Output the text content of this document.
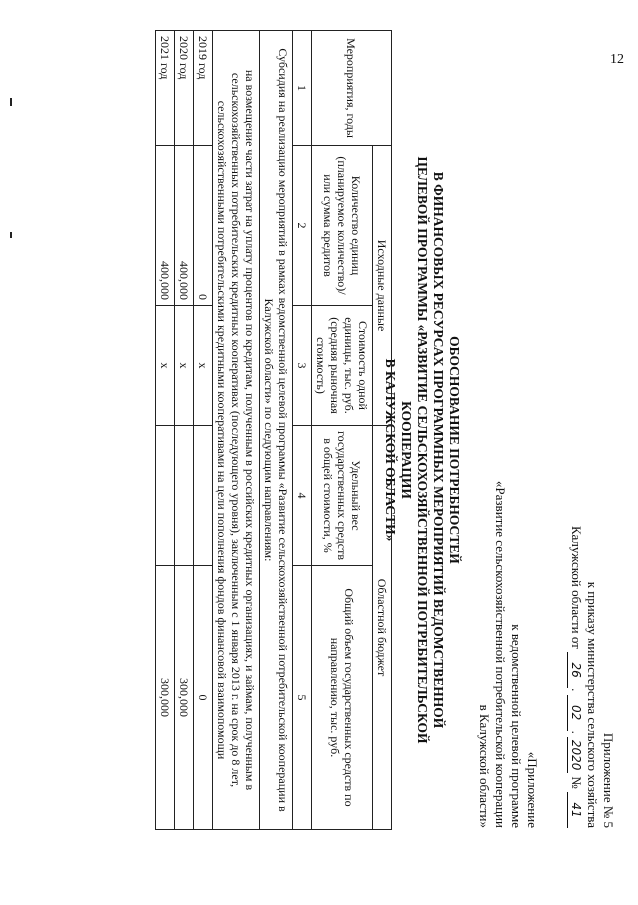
12
Приложение № 5
к приказу министерства сельского хозяйства
Калужской области от 26. 02. 2020 № 41
«Приложение
к ведомственной целевой программе
«Развитие сельскохозяйственной потребительской кооперации
в Калужской области»
ОБОСНОВАНИЕ ПОТРЕБНОСТЕЙ
В ФИНАНСОВЫХ РЕСУРСАХ ПРОГРАММНЫХ МЕРОПРИЯТИЙ ВЕДОМСТВЕННОЙ
ЦЕЛЕВОЙ ПРОГРАММЫ «РАЗВИТИЕ СЕЛЬСКОХОЗЯЙСТВЕННОЙ ПОТРЕБИТЕЛЬСКОЙ КООПЕРАЦИИ
В КАЛУЖСКОЙ ОБЛАСТИ»
Мероприятия, годы	Исходные данные		Областной бюджет	
	Количество единиц (планируемое количество)/или сумма кредитов	Стоимость одной единицы, тыс. руб. (средняя рыночная стоимость)	Удельный вес государственных средств в общей стоимости, %	Общий объем государственных средств по направлению, тыс. руб.
1	2	3	4	5
Субсидия на реализацию мероприятий в рамках ведомственной целевой программы «Развитие сельскохозяйственной потребительской кооперации в Калужской области» по следующим направлениям:				
на возмещение части затрат на уплату процентов по кредитам, полученным в российских кредитных организациях, и займам, полученным в сельскохозяйственных потребительских кредитных кооперативах (последующего уровня), заключенным с 1 января 2013 г. на срок до 8 лет, сельскохозяйственными потребительскими кредитными кооперативами на цели пополнения фондов финансовой взаимопомощи				
2019 год	0	х		0
2020 год	400,000	х		300,000
2021 год	400,000	х		300,000
